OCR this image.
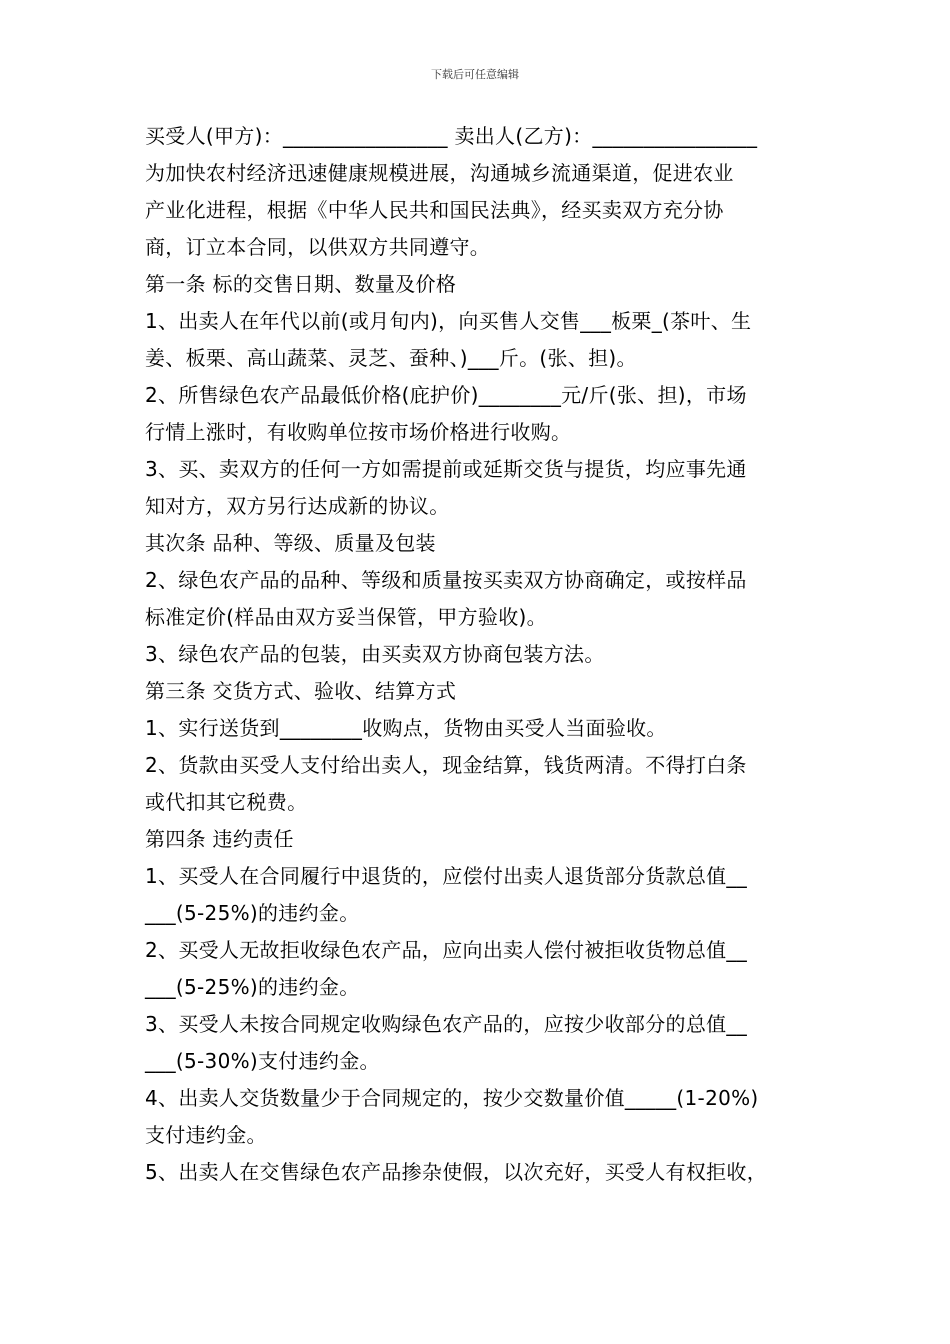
下载后可任意编辑
买受人(甲方)：________________ 卖出人(乙方)：________________
为加快农村经济迅速健康规模进展，沟通城乡流通渠道，促进农业
产业化进程，根据《中华人民共和国民法典》，经买卖双方充分协
商，订立本合同，以供双方共同遵守。
第一条 标的交售日期、数量及价格
1、出卖人在年代以前(或月旬内)，向买售人交售___板栗_(茶叶、生
姜、板栗、高山蔬菜、灵芝、蚕种、)___斤。(张、担)。
2、所售绿色农产品最低价格(庇护价)________元/斤(张、担)，市场
行情上涨时，有收购单位按市场价格进行收购。
3、买、卖双方的任何一方如需提前或延斯交货与提货，均应事先通
知对方，双方另行达成新的协议。
其次条 品种、等级、质量及包装
2、绿色农产品的品种、等级和质量按买卖双方协商确定，或按样品
标准定价(样品由双方妥当保管，甲方验收)。
3、绿色农产品的包装，由买卖双方协商包装方法。
第三条 交货方式、验收、结算方式
1、实行送货到________收购点，货物由买受人当面验收。
2、货款由买受人支付给出卖人，现金结算，钱货两清。不得打白条
或代扣其它税费。
第四条 违约责任
1、买受人在合同履行中退货的，应偿付出卖人退货部分货款总值__
___(5-25%)的违约金。
2、买受人无故拒收绿色农产品，应向出卖人偿付被拒收货物总值__
___(5-25%)的违约金。
3、买受人未按合同规定收购绿色农产品的，应按少收部分的总值__
___(5-30%)支付违约金。
4、出卖人交货数量少于合同规定的，按少交数量价值_____(1-20%)
支付违约金。
5、出卖人在交售绿色农产品掺杂使假，以次充好，买受人有权拒收，
